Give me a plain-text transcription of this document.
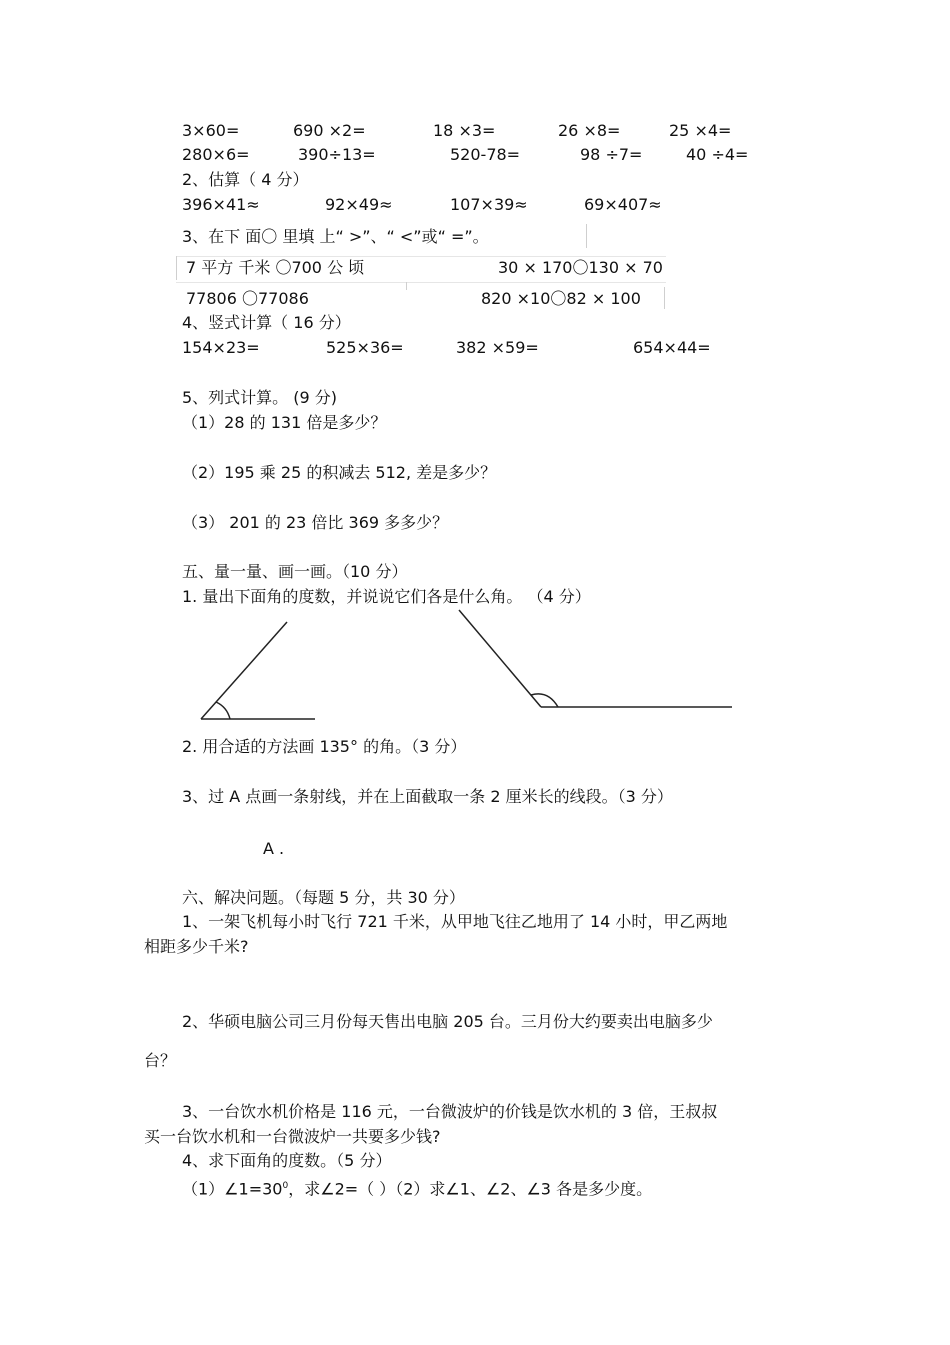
3×60=	690 ×2=	18 ×3=	26 ×8=	25 ×4=
280×6=	390÷13=	520-78=	98 ÷7=	40 ÷4=
2、估算（ 4 分）
396×41≈	92×49≈	107×39≈	69×407≈
3、在下 面〇 里填 上“ >”、“ <”或“ =”。
7 平方 千米 〇700 公 顷	30 × 170〇130 × 70
77806 〇77086	820 ×10〇82 × 100
4、竖式计算（ 16 分）
154×23=	525×36=	382 ×59=	654×44=
5、列式计算。 (9 分)
（1）28 的 131 倍是多少？
（2）195 乘 25 的积减去 512, 差是多少？
（3） 201 的 23 倍比 369 多多少？
五、量一量、画一画。（10 分）
1. 量出下面角的度数，并说说它们各是什么角。 （4 分）
2. 用合适的方法画 135° 的角。（3 分）
3、过 A 点画一条射线，并在上面截取一条 2 厘米长的线段。（3 分）
A .
六、解决问题。（每题 5 分，共 30 分）
1、一架飞机每小时飞行 721 千米，从甲地飞往乙地用了 14 小时，甲乙两地
相距多少千米?
2、华硕电脑公司三月份每天售出电脑 205 台。三月份大约要卖出电脑多少
台？
3、一台饮水机价格是 116 元，一台微波炉的价钱是饮水机的 3 倍，王叔叔
买一台饮水机和一台微波炉一共要多少钱?
4、求下面角的度数。（5 分）
$(1)\angle 1=30^0$，求∠2=（ ）（2）求∠1、∠2、∠3 各是多少度。
